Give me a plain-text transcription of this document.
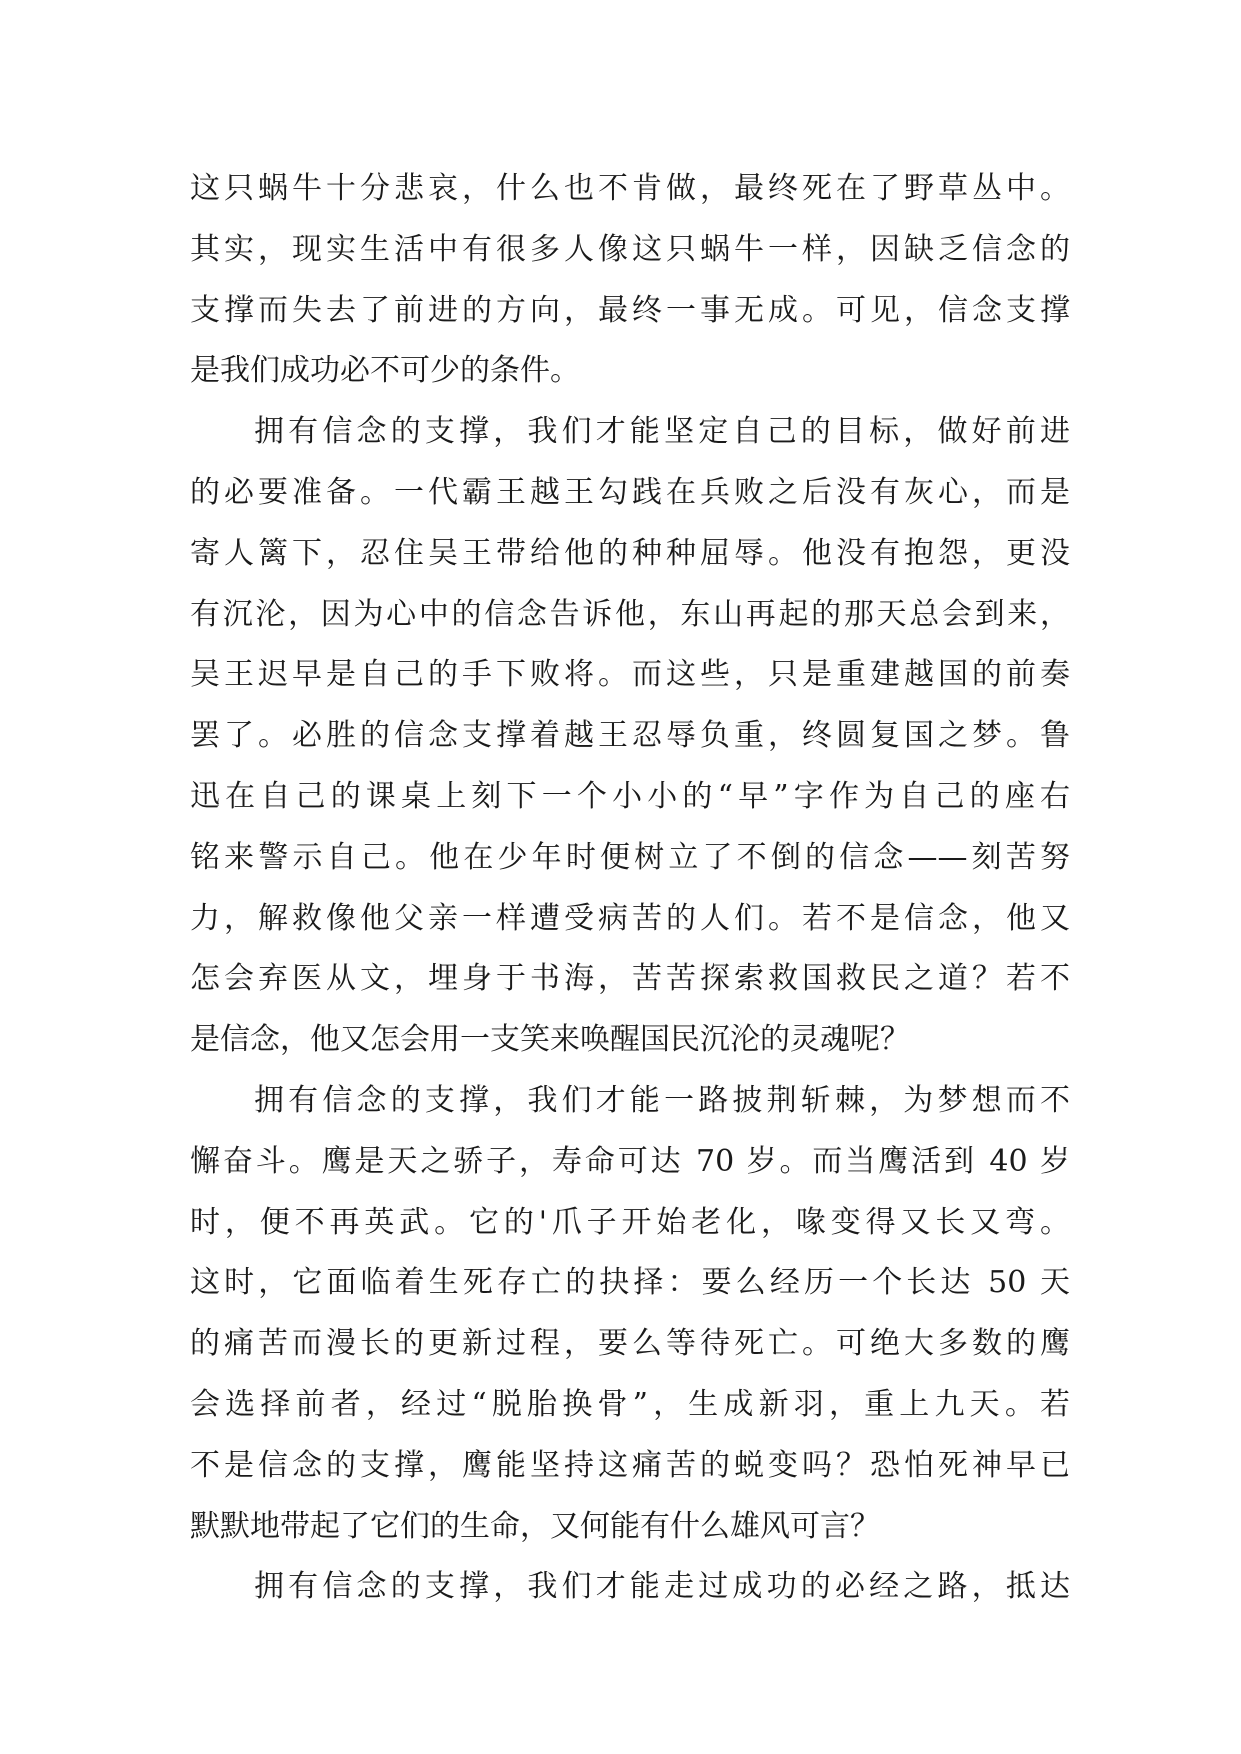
这只蜗牛十分悲哀，什么也不肯做，最终死在了野草丛中。
其实，现实生活中有很多人像这只蜗牛一样，因缺乏信念的
支撑而失去了前进的方向，最终一事无成。可见，信念支撑
是我们成功必不可少的条件。
拥有信念的支撑，我们才能坚定自己的目标，做好前进
的必要准备。一代霸王越王勾践在兵败之后没有灰心，而是
寄人篱下，忍住吴王带给他的种种屈辱。他没有抱怨，更没
有沉沦，因为心中的信念告诉他，东山再起的那天总会到来，
吴王迟早是自己的手下败将。而这些，只是重建越国的前奏
罢了。必胜的信念支撑着越王忍辱负重，终圆复国之梦。鲁
迅在自己的课桌上刻下一个小小的“早”字作为自己的座右
铭来警示自己。他在少年时便树立了不倒的信念——刻苦努
力，解救像他父亲一样遭受病苦的人们。若不是信念，他又
怎会弃医从文，埋身于书海，苦苦探索救国救民之道？若不
是信念，他又怎会用一支笑来唤醒国民沉沦的灵魂呢？
拥有信念的支撑，我们才能一路披荆斩棘，为梦想而不
懈奋斗。鹰是天之骄子，寿命可达 70 岁。而当鹰活到 40 岁
时，便不再英武。它的'爪子开始老化，喙变得又长又弯。
这时，它面临着生死存亡的抉择：要么经历一个长达 50 天
的痛苦而漫长的更新过程，要么等待死亡。可绝大多数的鹰
会选择前者，经过“脱胎换骨”，生成新羽，重上九天。若
不是信念的支撑，鹰能坚持这痛苦的蜕变吗？恐怕死神早已
默默地带起了它们的生命，又何能有什么雄风可言？
拥有信念的支撑，我们才能走过成功的必经之路，抵达
